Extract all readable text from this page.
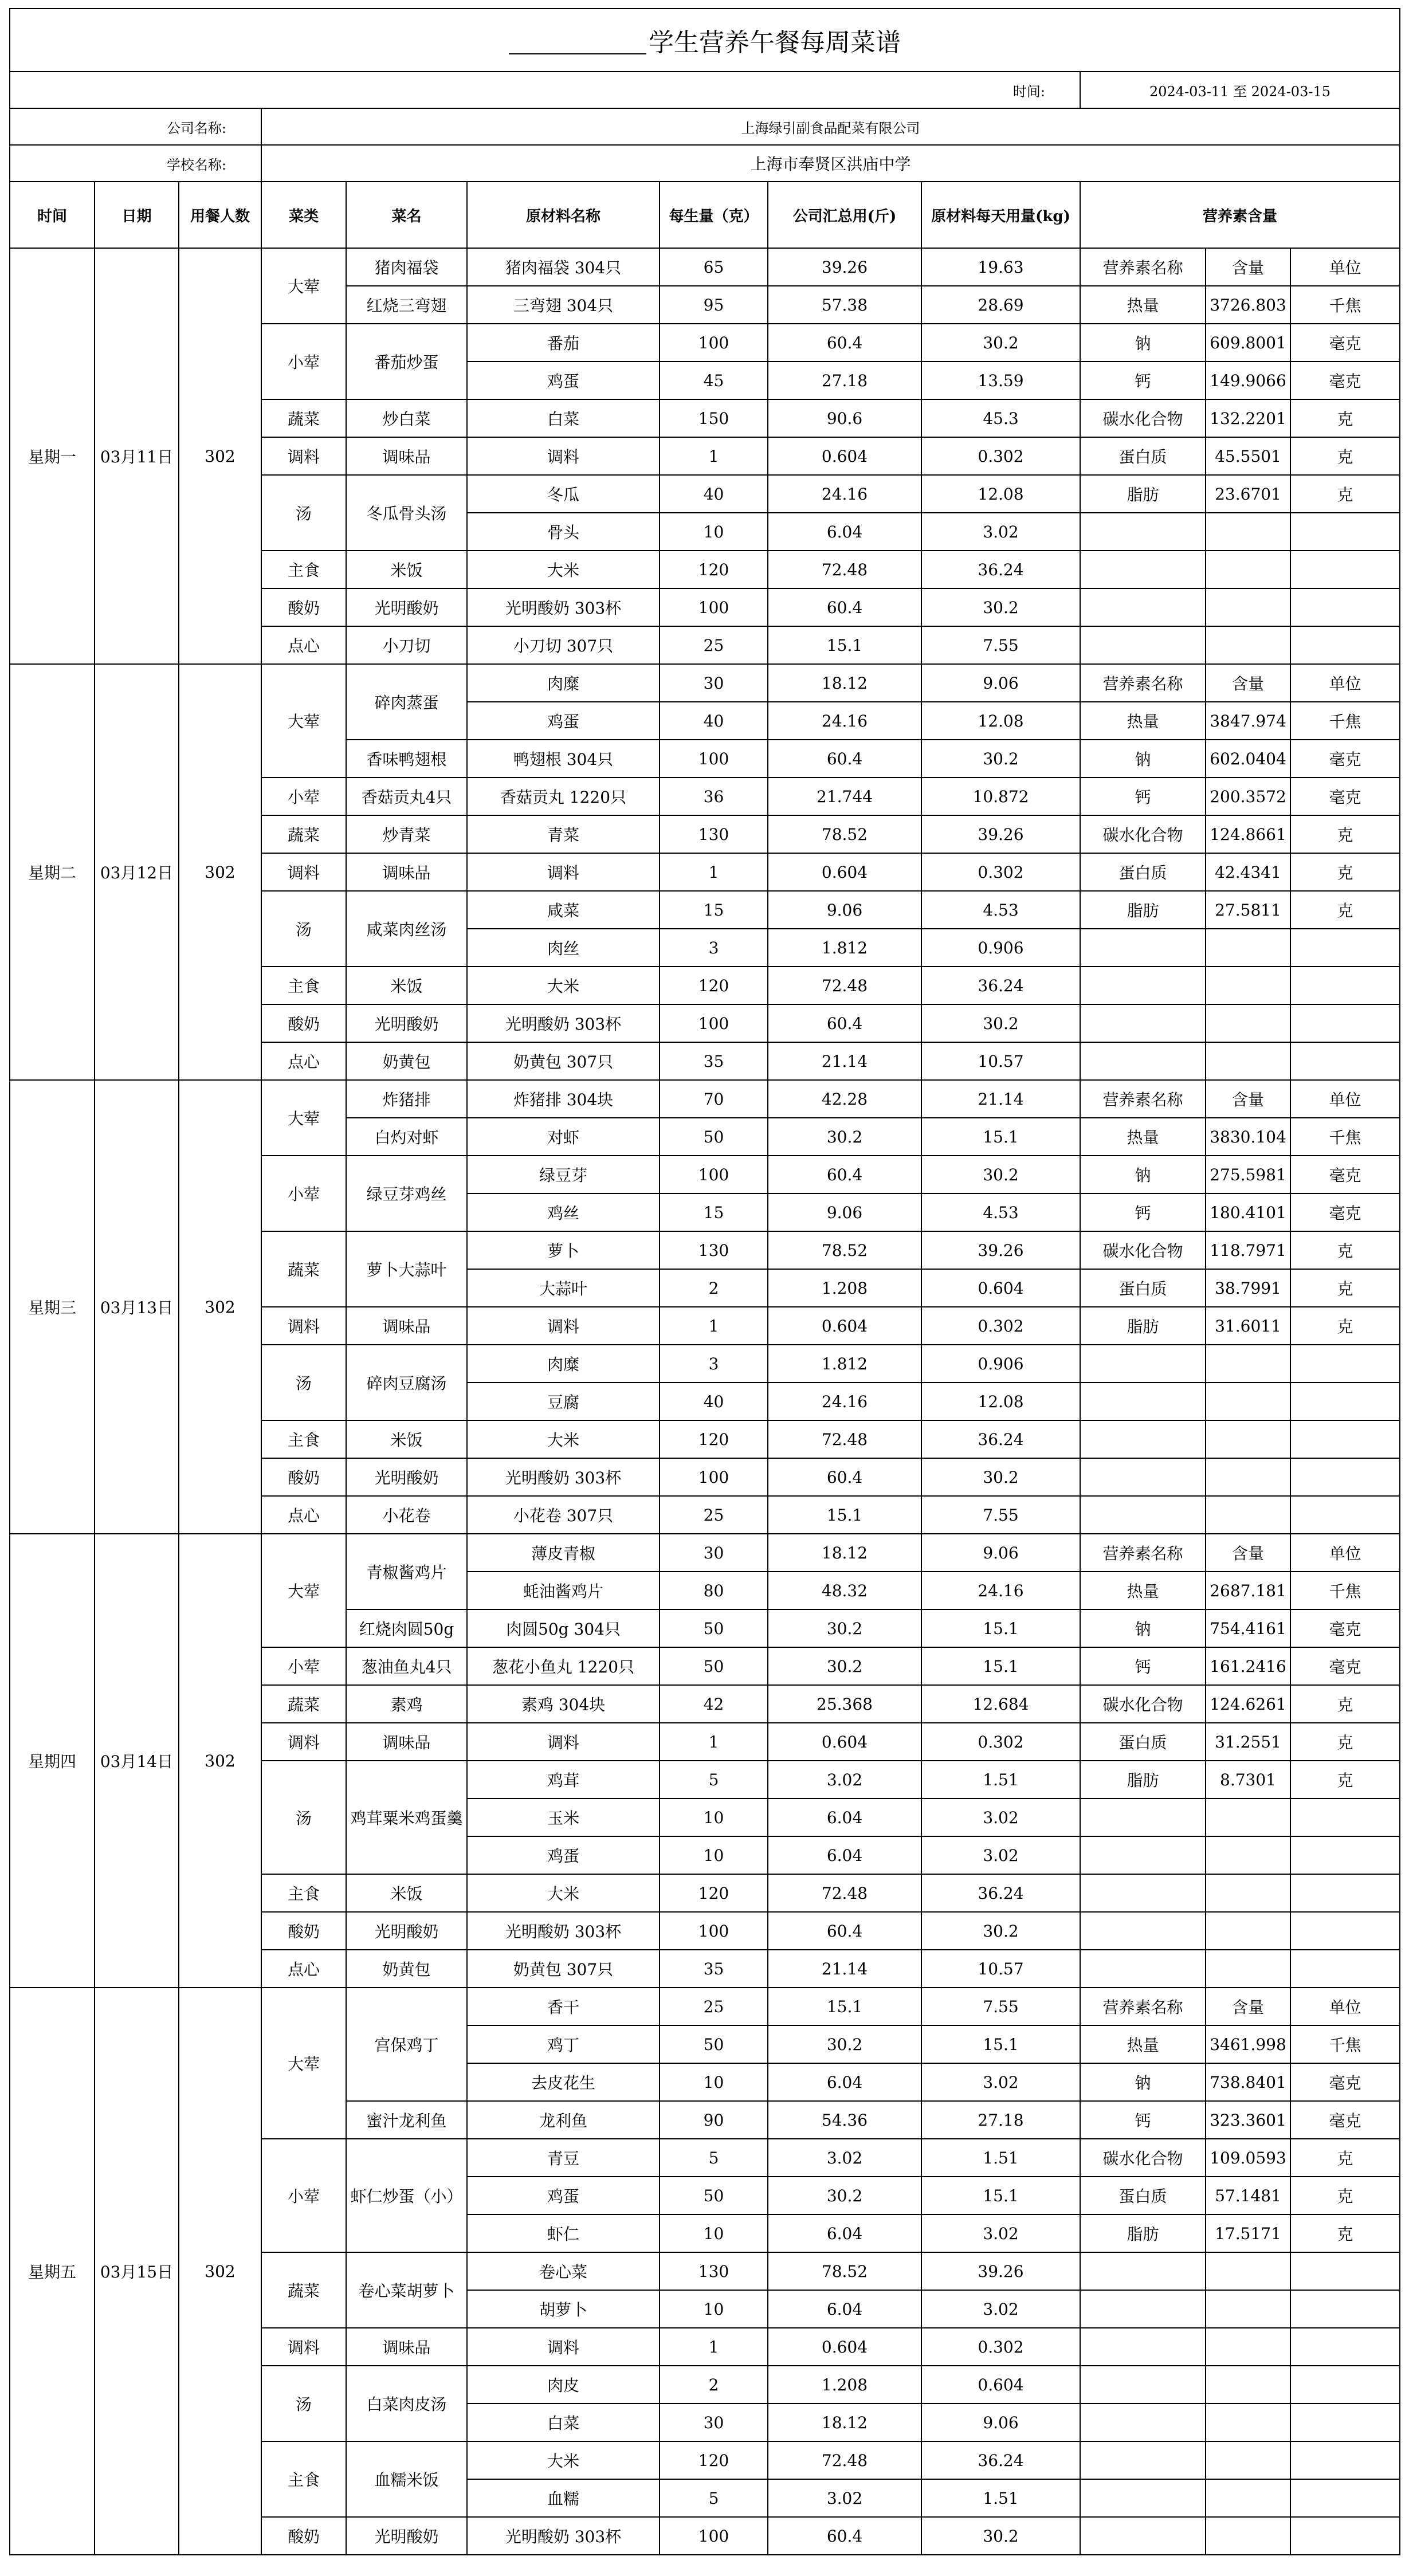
学生营养午餐每周菜谱											
时间:									2024-03-11 至 2024-03-15		
公司名称:			上海绿引副食品配菜有限公司								
学校名称:			上海市奉贤区洪庙中学								
时间	日期	用餐人数	菜类	菜名	原材料名称	每生量（克）	公司汇总用(斤)	原材料每天用量(kg)	营养素含量		
星期一	03月11日	302	大荤	猪肉福袋	猪肉福袋 304只	65	39.26	19.63	营养素名称	含量	单位
				红烧三弯翅	三弯翅 304只	95	57.38	28.69	热量	3726.803	千焦
			小荤	番茄炒蛋	番茄	100	60.4	30.2	钠	609.8001	毫克
					鸡蛋	45	27.18	13.59	钙	149.9066	毫克
			蔬菜	炒白菜	白菜	150	90.6	45.3	碳水化合物	132.2201	克
			调料	调味品	调料	1	0.604	0.302	蛋白质	45.5501	克
			汤	冬瓜骨头汤	冬瓜	40	24.16	12.08	脂肪	23.6701	克
					骨头	10	6.04	3.02			
			主食	米饭	大米	120	72.48	36.24			
			酸奶	光明酸奶	光明酸奶 303杯	100	60.4	30.2			
			点心	小刀切	小刀切 307只	25	15.1	7.55			
星期二	03月12日	302	大荤	碎肉蒸蛋	肉糜	30	18.12	9.06	营养素名称	含量	单位
					鸡蛋	40	24.16	12.08	热量	3847.974	千焦
				香味鸭翅根	鸭翅根 304只	100	60.4	30.2	钠	602.0404	毫克
			小荤	香菇贡丸4只	香菇贡丸 1220只	36	21.744	10.872	钙	200.3572	毫克
			蔬菜	炒青菜	青菜	130	78.52	39.26	碳水化合物	124.8661	克
			调料	调味品	调料	1	0.604	0.302	蛋白质	42.4341	克
			汤	咸菜肉丝汤	咸菜	15	9.06	4.53	脂肪	27.5811	克
					肉丝	3	1.812	0.906			
			主食	米饭	大米	120	72.48	36.24			
			酸奶	光明酸奶	光明酸奶 303杯	100	60.4	30.2			
			点心	奶黄包	奶黄包 307只	35	21.14	10.57			
星期三	03月13日	302	大荤	炸猪排	炸猪排 304块	70	42.28	21.14	营养素名称	含量	单位
				白灼对虾	对虾	50	30.2	15.1	热量	3830.104	千焦
			小荤	绿豆芽鸡丝	绿豆芽	100	60.4	30.2	钠	275.5981	毫克
					鸡丝	15	9.06	4.53	钙	180.4101	毫克
			蔬菜	萝卜大蒜叶	萝卜	130	78.52	39.26	碳水化合物	118.7971	克
					大蒜叶	2	1.208	0.604	蛋白质	38.7991	克
			调料	调味品	调料	1	0.604	0.302	脂肪	31.6011	克
			汤	碎肉豆腐汤	肉糜	3	1.812	0.906			
					豆腐	40	24.16	12.08			
			主食	米饭	大米	120	72.48	36.24			
			酸奶	光明酸奶	光明酸奶 303杯	100	60.4	30.2			
			点心	小花卷	小花卷 307只	25	15.1	7.55			
星期四	03月14日	302	大荤	青椒酱鸡片	薄皮青椒	30	18.12	9.06	营养素名称	含量	单位
					蚝油酱鸡片	80	48.32	24.16	热量	2687.181	千焦
				红烧肉圆50g	肉圆50g 304只	50	30.2	15.1	钠	754.4161	毫克
			小荤	葱油鱼丸4只	葱花小鱼丸 1220只	50	30.2	15.1	钙	161.2416	毫克
			蔬菜	素鸡	素鸡 304块	42	25.368	12.684	碳水化合物	124.6261	克
			调料	调味品	调料	1	0.604	0.302	蛋白质	31.2551	克
			汤	鸡茸粟米鸡蛋羹	鸡茸	5	3.02	1.51	脂肪	8.7301	克
					玉米	10	6.04	3.02			
					鸡蛋	10	6.04	3.02			
			主食	米饭	大米	120	72.48	36.24			
			酸奶	光明酸奶	光明酸奶 303杯	100	60.4	30.2			
			点心	奶黄包	奶黄包 307只	35	21.14	10.57			
星期五	03月15日	302	大荤	宫保鸡丁	香干	25	15.1	7.55	营养素名称	含量	单位
					鸡丁	50	30.2	15.1	热量	3461.998	千焦
					去皮花生	10	6.04	3.02	钠	738.8401	毫克
				蜜汁龙利鱼	龙利鱼	90	54.36	27.18	钙	323.3601	毫克
			小荤	虾仁炒蛋（小）	青豆	5	3.02	1.51	碳水化合物	109.0593	克
					鸡蛋	50	30.2	15.1	蛋白质	57.1481	克
					虾仁	10	6.04	3.02	脂肪	17.5171	克
			蔬菜	卷心菜胡萝卜	卷心菜	130	78.52	39.26			
					胡萝卜	10	6.04	3.02			
			调料	调味品	调料	1	0.604	0.302			
			汤	白菜肉皮汤	肉皮	2	1.208	0.604			
					白菜	30	18.12	9.06			
			主食	血糯米饭	大米	120	72.48	36.24			
					血糯	5	3.02	1.51			
			酸奶	光明酸奶	光明酸奶 303杯	100	60.4	30.2			
